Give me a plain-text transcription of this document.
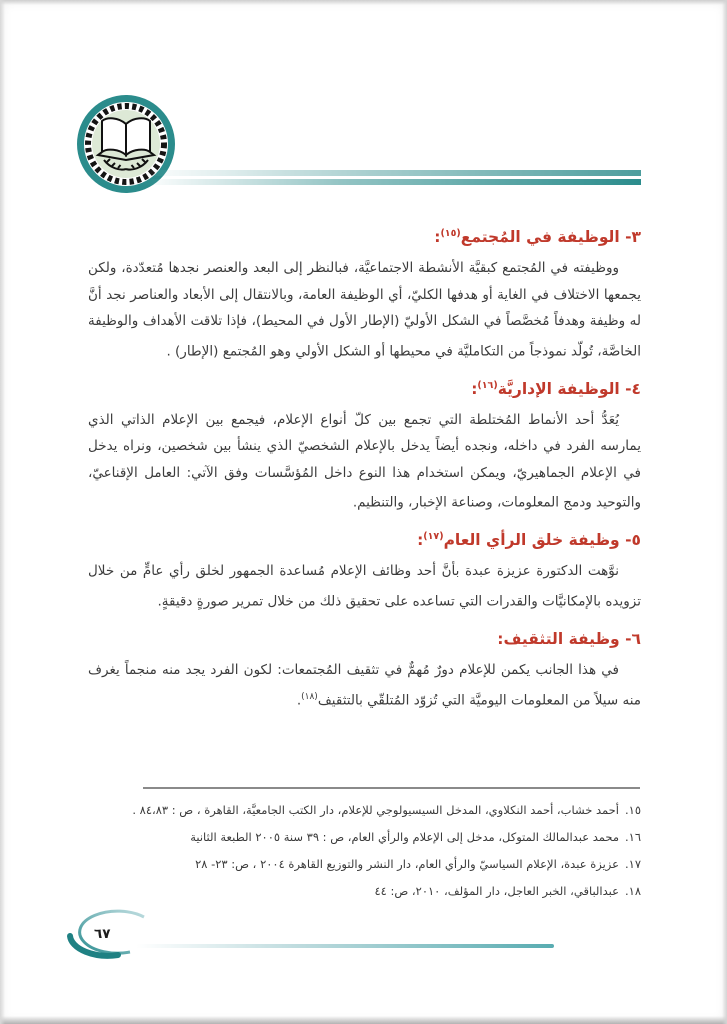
٣- الوظيفة في المُجتمع$^{(١٥)}$:

ووظيفته في المُجتمع كبقيَّة الأنشطة الاجتماعيَّة، فبالنظر إلى البعد والعنصر نجدها مُتعدّدة، ولكن يجمعها الاختلاف في الغاية أو هدفها الكليّ، أي الوظيفة العامة، وبالانتقال إلى الأبعاد والعناصر نجد أنَّ له وظيفة وهدفاً مُخصَّصاً في الشكل الأوليّ (الإطار الأول في المحيط)، فإذا تلاقت الأهداف والوظيفة الخاصَّة، تُولّد نموذجاً من التكامليَّة في محيطها أو الشكل الأولي وهو المُجتمع (الإطار) .

٤- الوظيفة الإداريَّة$^{(١٦)}$:

يُعَدُّ أحد الأنماط المُختلطة التي تجمع بين كلّ أنواع الإعلام، فيجمع بين الإعلام الذاتي الذي يمارسه الفرد في داخله، ونجده أيضاً يدخل بالإعلام الشخصيّ الذي ينشأ بين شخصين، ونراه يدخل في الإعلام الجماهيريّ، ويمكن استخدام هذا النوع داخل المُؤسَّسات وفق الآتي: العامل الإقناعيّ، والتوحيد ودمج المعلومات، وصناعة الإخبار، والتنظيم.

٥- وظيفة خلق الرأي العام$^{(١٧)}$:

نوَّهت الدكتورة عزيزة عبدة بأنَّ أحد وظائف الإعلام مُساعدة الجمهور لخلق رأي عامٍّ من خلال تزويده بالإمكانيَّات والقدرات التي تساعده على تحقيق ذلك من خلال تمرير صورةٍ دقيقةٍ.

٦- وظيفة التثقيف:

في هذا الجانب يكمن للإعلام دورٌ مُهمٌّ في تثقيف المُجتمعات: لكون الفرد يجد منه منجماً يغرف منه سيلاً من المعلومات اليوميَّة التي تُزوّد المُتلقّي بالتثقيف$^{(١٨)}$.

١٥.
أحمد خشاب، أحمد النكلاوي، المدخل السيسيولوجي للإعلام، دار الكتب الجامعيَّة، القاهرة ، ص : ٨٤،٨٣ .
١٦.
محمد عبدالمالك المتوكل، مدخل إلى الإعلام والرأي العام، ص : ٣٩ سنة ٢٠٠٥ الطبعة الثانية
١٧.
عزيزة عبدة، الإعلام السياسيّ والرأي العام، دار النشر والتوزيع القاهرة ٢٠٠٤ ، ص: ٢٣- ٢٨
١٨.
عبدالباقي، الخبر العاجل، دار المؤلف، ٢٠١٠، ص: ٤٤
٦٧
